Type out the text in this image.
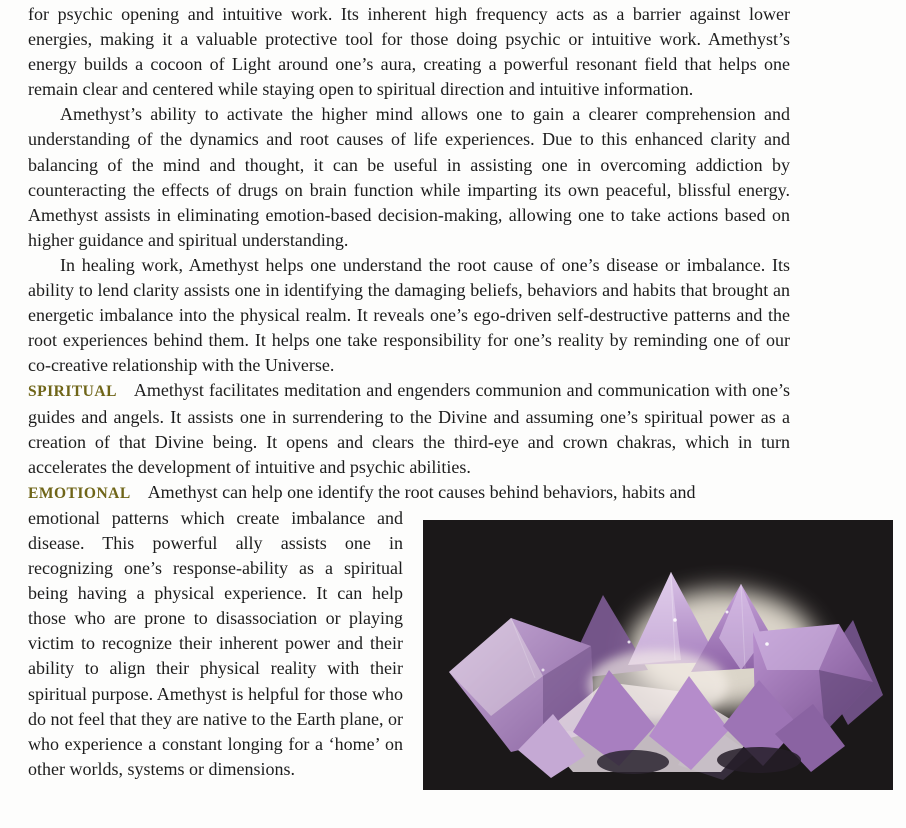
for psychic opening and intuitive work. Its inherent high frequency acts as a barrier against lower energies, making it a valuable protective tool for those doing psychic or intuitive work. Amethyst’s energy builds a cocoon of Light around one’s aura, creating a powerful resonant field that helps one remain clear and centered while staying open to spiritual direction and intuitive information.

Amethyst’s ability to activate the higher mind allows one to gain a clearer comprehension and understanding of the dynamics and root causes of life experiences. Due to this enhanced clarity and balancing of the mind and thought, it can be useful in assisting one in overcoming addiction by counteracting the effects of drugs on brain function while imparting its own peaceful, blissful energy. Amethyst assists in eliminating emotion-based decision-making, allowing one to take actions based on higher guidance and spiritual understanding.

In healing work, Amethyst helps one understand the root cause of one’s disease or imbalance. Its ability to lend clarity assists one in identifying the damaging beliefs, behaviors and habits that brought an energetic imbalance into the physical realm. It reveals one’s ego-driven self-destructive patterns and the root experiences behind them. It helps one take responsibility for one’s reality by reminding one of our co-creative relationship with the Universe.

SPIRITUAL Amethyst facilitates meditation and engenders communion and communication with one’s guides and angels. It assists one in surrendering to the Divine and assuming one’s spiritual power as a creation of that Divine being. It opens and clears the third-eye and crown chakras, which in turn accelerates the development of intuitive and psychic abilities.

EMOTIONAL Amethyst can help one identify the root causes behind behaviors, habits and

emotional patterns which create imbalance and disease. This powerful ally assists one in recognizing one’s response-ability as a spiritual being having a physical experience. It can help those who are prone to disassociation or playing victim to recognize their inherent power and their ability to align their physical reality with their spiritual purpose. Amethyst is helpful for those who do not feel that they are native to the Earth plane, or who experience a constant longing for a ‘home’ on other worlds, systems or dimensions.
